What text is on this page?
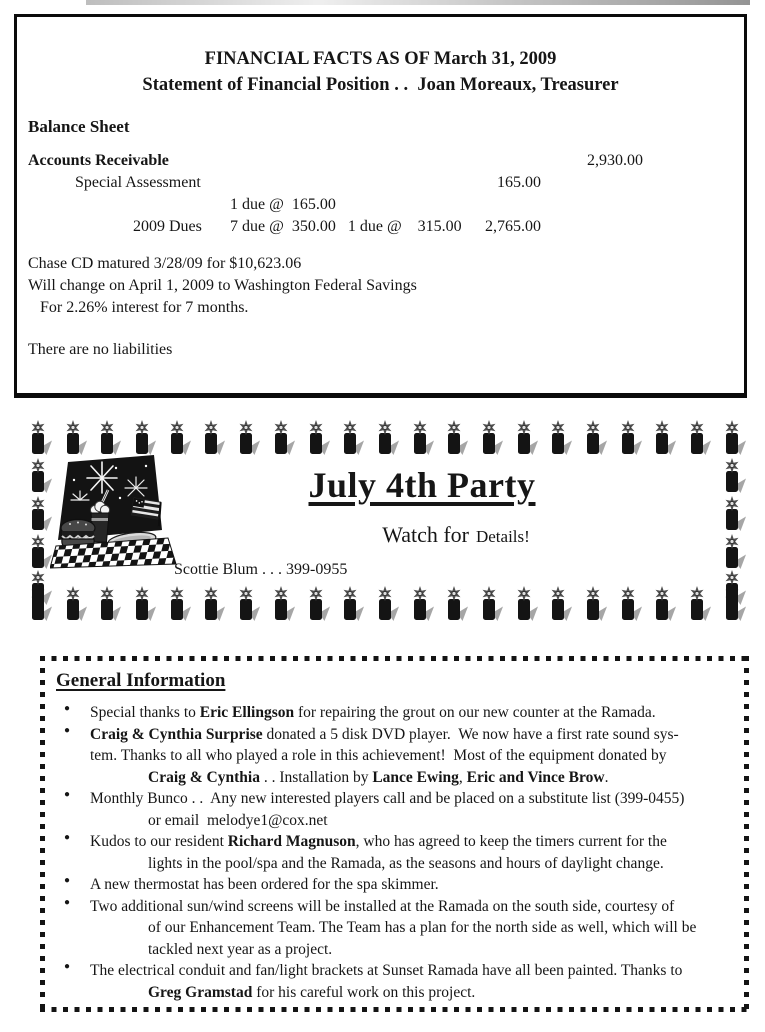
FINANCIAL FACTS AS OF March 31, 2009
Statement of Financial Position . .  Joan Moreaux, Treasurer
Balance Sheet
Accounts Receivable	2,930.00
Special Assessment	165.00
1 due @  165.00
2009 Dues 7 due @  350.00   1 due @    315.00	2,765.00
Chase CD matured 3/28/09 for $10,623.06
Will change on April 1, 2009 to Washington Federal Savings
For 2.26% interest for 7 months.
There are no liabilities
July 4th Party
Watch for Details!
Scottie Blum . . . 399-0955
General Information
● Special thanks to Eric Ellingson for repairing the grout on our new counter at the Ramada.
● Craig & Cynthia Surprise donated a 5 disk DVD player.  We now have a first rate sound sys-
tem. Thanks to all who played a role in this achievement!  Most of the equipment donated by
Craig & Cynthia . . Installation by Lance Ewing, Eric and Vince Brow.
● Monthly Bunco . .  Any new interested players call and be placed on a substitute list (399-0455)
or email  melodye1@cox.net
● Kudos to our resident Richard Magnuson, who has agreed to keep the timers current for the
lights in the pool/spa and the Ramada, as the seasons and hours of daylight change.
● A new thermostat has been ordered for the spa skimmer.
● Two additional sun/wind screens will be installed at the Ramada on the south side, courtesy of
of our Enhancement Team. The Team has a plan for the north side as well, which will be
tackled next year as a project.
● The electrical conduit and fan/light brackets at Sunset Ramada have all been painted. Thanks to
Greg Gramstad for his careful work on this project.
